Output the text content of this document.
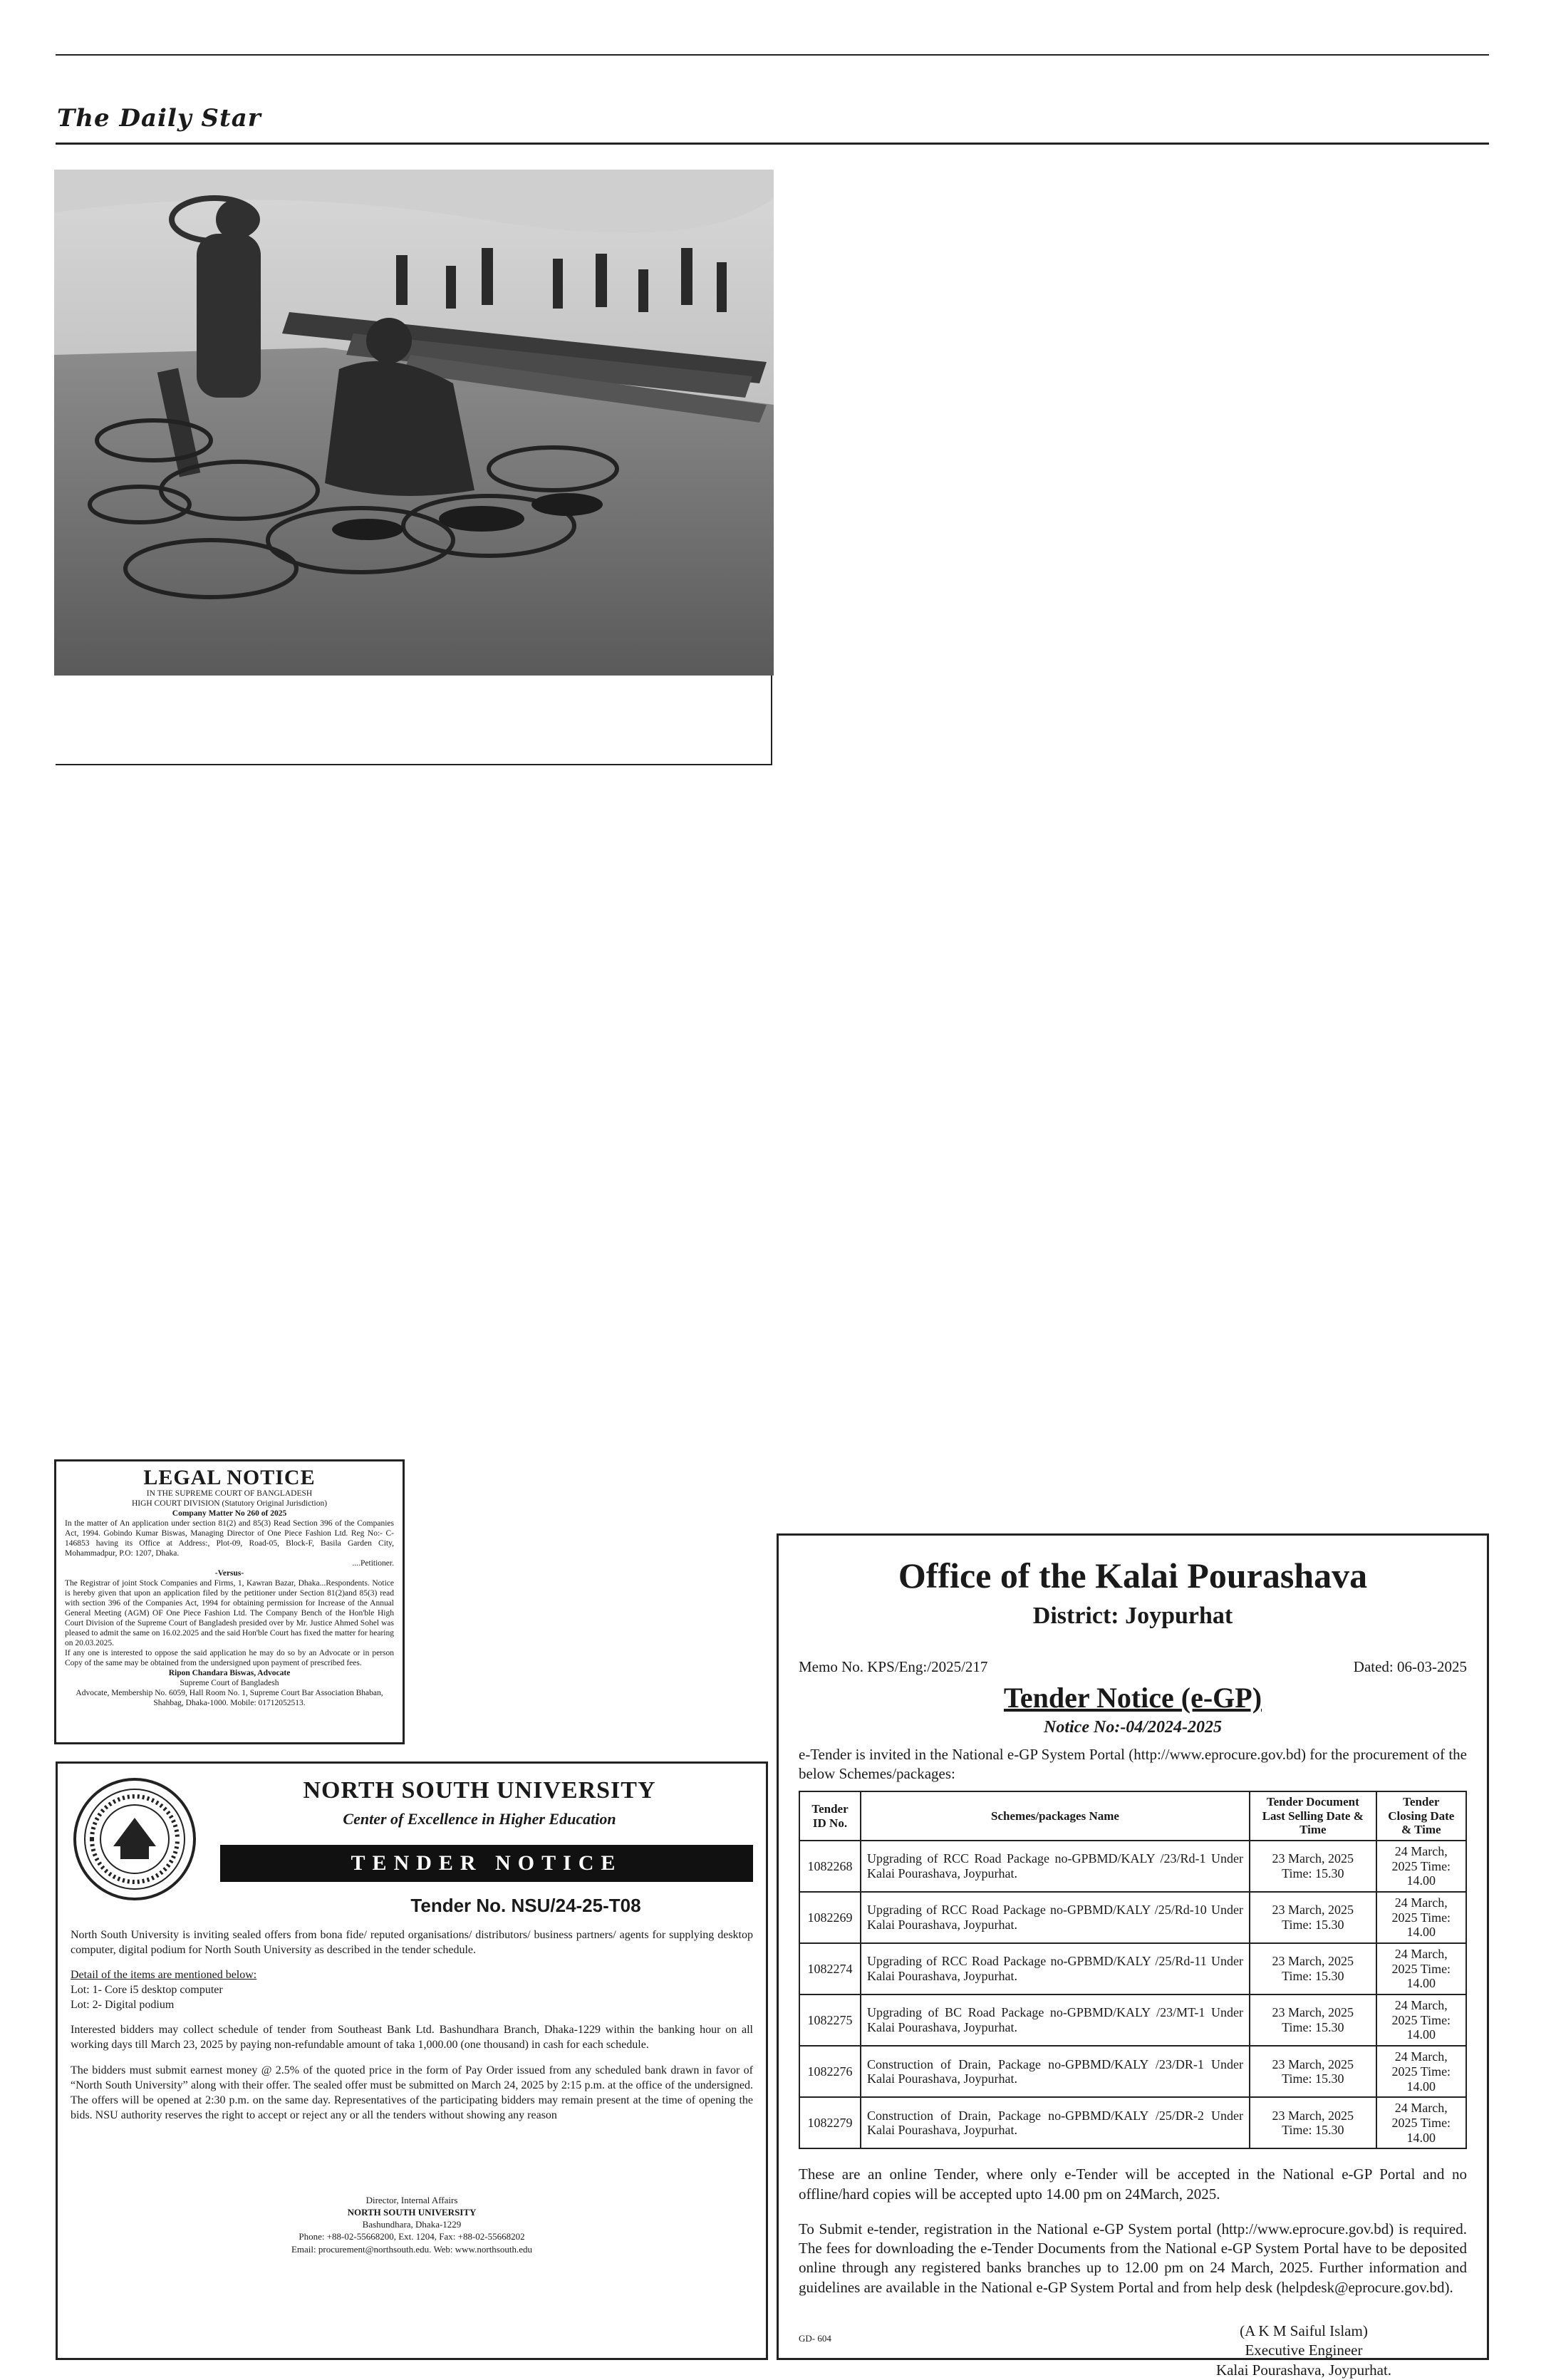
The Daily Star
LEGAL NOTICE
IN THE SUPREME COURT OF BANGLADESH
HIGH COURT DIVISION (Statutory Original Jurisdiction)
Company Matter No 260 of 2025
In the matter of An application under section 81(2) and 85(3) Read Section 396 of the Companies Act, 1994. Gobindo Kumar Biswas, Managing Director of One Piece Fashion Ltd. Reg No:- C-146853 having its Office at Address:, Plot-09, Road-05, Block-F, Basila Garden City, Mohammadpur, P.O: 1207, Dhaka.
....Petitioner.
-Versus-
The Registrar of joint Stock Companies and Firms, 1, Kawran Bazar, Dhaka...Respondents. Notice is hereby given that upon an application filed by the petitioner under Section 81(2)and 85(3) read with section 396 of the Companies Act, 1994 for obtaining permission for Increase of the Annual General Meeting (AGM) OF One Piece Fashion Ltd. The Company Bench of the Hon'ble High Court Division of the Supreme Court of Bangladesh presided over by Mr. Justice Ahmed Sohel was pleased to admit the same on 16.02.2025 and the said Hon'ble Court has fixed the matter for hearing on 20.03.2025.
If any one is interested to oppose the said application he may do so by an Advocate or in person Copy of the same may be obtained from the undersigned upon payment of prescribed fees.
Ripon Chandara Biswas, Advocate
Supreme Court of Bangladesh
Advocate, Membership No. 6059, Hall Room No. 1, Supreme Court Bar Association Bhaban, Shahbag, Dhaka-1000. Mobile: 01712052513.
NORTH SOUTH UNIVERSITY
Center of Excellence in Higher Education
TENDER NOTICE
Tender No. NSU/24-25-T08

North South University is inviting sealed offers from bona fide/ reputed organisations/ distributors/ business partners/ agents for supplying desktop computer, digital podium for North South University as described in the tender schedule.

Detail of the items are mentioned below:

Lot: 1- Core i5 desktop computer
Lot: 2- Digital podium

Interested bidders may collect schedule of tender from Southeast Bank Ltd. Bashundhara Branch, Dhaka-1229 within the banking hour on all working days till March 23, 2025 by paying non-refundable amount of taka 1,000.00 (one thousand) in cash for each schedule.

The bidders must submit earnest money @ 2.5% of the quoted price in the form of Pay Order issued from any scheduled bank drawn in favor of “North South University” along with their offer. The sealed offer must be submitted on March 24, 2025 by 2:15 p.m. at the office of the undersigned. The offers will be opened at 2:30 p.m. on the same day. Representatives of the participating bidders may remain present at the time of opening the bids. NSU authority reserves the right to accept or reject any or all the tenders without showing any reason

Director, Internal Affairs
NORTH SOUTH UNIVERSITY
Bashundhara, Dhaka-1229
Phone: +88-02-55668200, Ext. 1204, Fax: +88-02-55668202
Email: procurement@northsouth.edu. Web: www.northsouth.edu
Office of the Kalai Pourashava
District: Joypurhat
Memo No. KPS/Eng:/2025/217	Dated: 06-03-2025
Tender Notice (e-GP)
Notice No:-04/2024-2025
e-Tender is invited in the National e-GP System Portal (http://www.eprocure.gov.bd) for the procurement of the below Schemes/packages:
Tender ID No.	Schemes/packages Name	Tender Document Last Selling Date & Time	Tender Closing Date & Time
1082268	Upgrading of RCC Road Package no-GPBMD/KALY /23/Rd-1 Under Kalai Pourashava, Joypurhat.	23 March, 2025 Time: 15.30	24 March, 2025 Time: 14.00
1082269	Upgrading of RCC Road Package no-GPBMD/KALY /25/Rd-10 Under Kalai Pourashava, Joypurhat.	23 March, 2025 Time: 15.30	24 March, 2025 Time: 14.00
1082274	Upgrading of RCC Road Package no-GPBMD/KALY /25/Rd-11 Under Kalai Pourashava, Joypurhat.	23 March, 2025 Time: 15.30	24 March, 2025 Time: 14.00
1082275	Upgrading of BC Road Package no-GPBMD/KALY /23/MT-1 Under Kalai Pourashava, Joypurhat.	23 March, 2025 Time: 15.30	24 March, 2025 Time: 14.00
1082276	Construction of Drain, Package no-GPBMD/KALY /23/DR-1 Under Kalai Pourashava, Joypurhat.	23 March, 2025 Time: 15.30	24 March, 2025 Time: 14.00
1082279	Construction of Drain, Package no-GPBMD/KALY /25/DR-2 Under Kalai Pourashava, Joypurhat.	23 March, 2025 Time: 15.30	24 March, 2025 Time: 14.00
These are an online Tender, where only e-Tender will be accepted in the National e-GP Portal and no offline/hard copies will be accepted upto 14.00 pm on 24March, 2025.
To Submit e-tender, registration in the National e-GP System portal (http://www.eprocure.gov.bd) is required. The fees for downloading the e-Tender Documents from the National e-GP System Portal have to be deposited online through any registered banks branches up to 12.00 pm on 24 March, 2025. Further information and guidelines are available in the National e-GP System Portal and from help desk (helpdesk@eprocure.gov.bd).
(A K M Saiful Islam)
Executive Engineer
Kalai Pourashava, Joypurhat.
GD- 604
